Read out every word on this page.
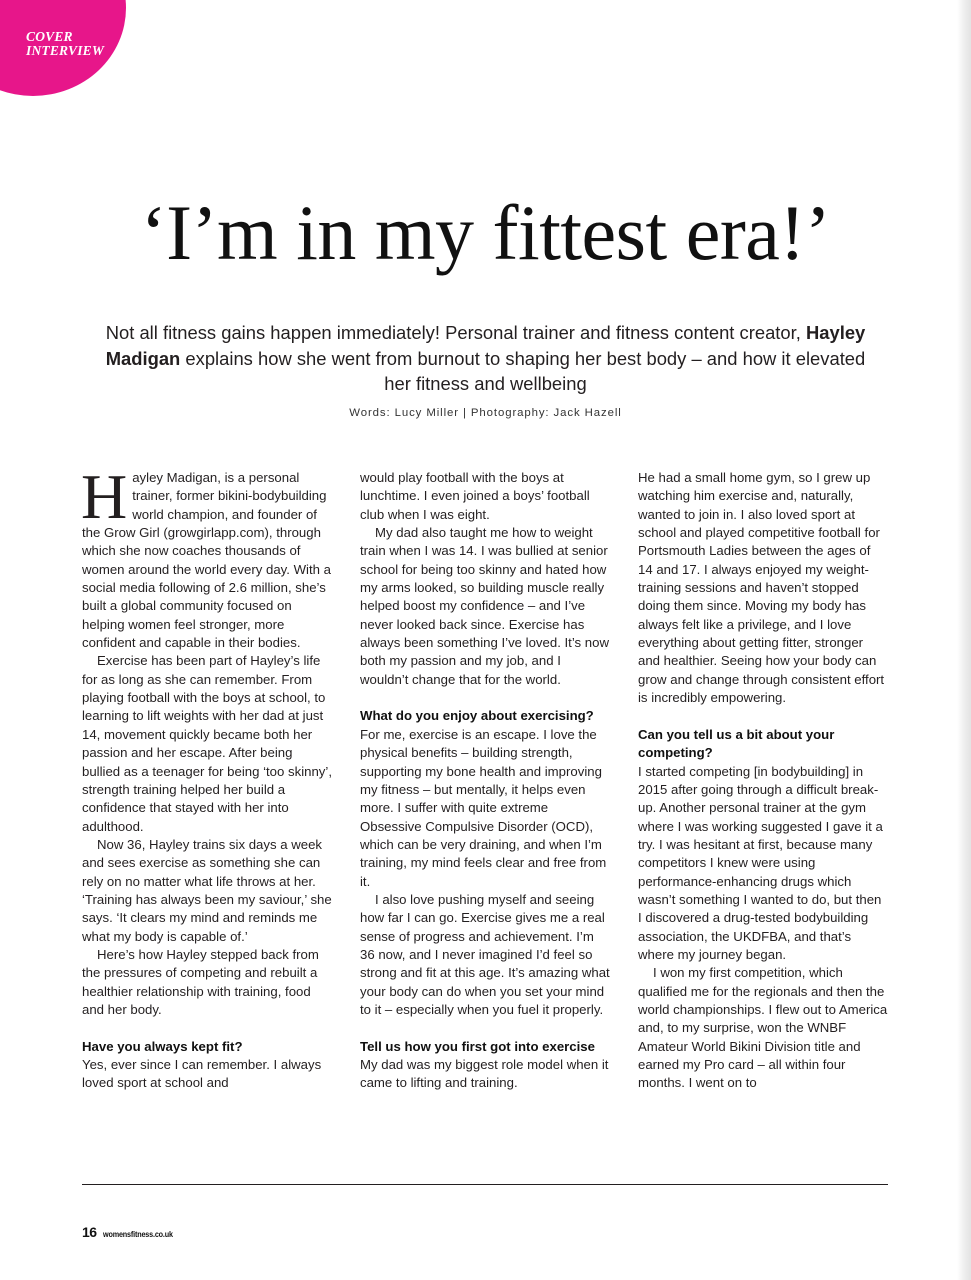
COVER
INTERVIEW
‘I’m in my fittest era!’

Not all fitness gains happen immediately! Personal trainer and fitness content creator, Hayley Madigan explains how she went from burnout to shaping her best body – and how it elevated her fitness and wellbeing

Words: Lucy Miller | Photography: Jack Hazell

Hayley Madigan, is a personal trainer, former bikini-bodybuilding world champion, and founder of the Grow Girl (growgirlapp.com), through which she now coaches thousands of women around the world every day. With a social media following of 2.6 million, she’s built a global community focused on helping women feel stronger, more confident and capable in their bodies.

Exercise has been part of Hayley’s life for as long as she can remember. From playing football with the boys at school, to learning to lift weights with her dad at just 14, movement quickly became both her passion and her escape. After being bullied as a teenager for being ‘too skinny’, strength training helped her build a confidence that stayed with her into adulthood.

Now 36, Hayley trains six days a week and sees exercise as something she can rely on no matter what life throws at her. ‘Training has always been my saviour,’ she says. ‘It clears my mind and reminds me what my body is capable of.’

Here’s how Hayley stepped back from the pressures of competing and rebuilt a healthier relationship with training, food and her body.

Have you always kept fit?

Yes, ever since I can remember. I always loved sport at school and

would play football with the boys at lunchtime. I even joined a boys’ football club when I was eight.

My dad also taught me how to weight train when I was 14. I was bullied at senior school for being too skinny and hated how my arms looked, so building muscle really helped boost my confidence – and I’ve never looked back since. Exercise has always been something I’ve loved. It’s now both my passion and my job, and I wouldn’t change that for the world.

What do you enjoy about exercising?

For me, exercise is an escape. I love the physical benefits – building strength, supporting my bone health and improving my fitness – but mentally, it helps even more. I suffer with quite extreme Obsessive Compulsive Disorder (OCD), which can be very draining, and when I’m training, my mind feels clear and free from it.

I also love pushing myself and seeing how far I can go. Exercise gives me a real sense of progress and achievement. I’m 36 now, and I never imagined I’d feel so strong and fit at this age. It’s amazing what your body can do when you set your mind to it – especially when you fuel it properly.

Tell us how you first got into exercise

My dad was my biggest role model when it came to lifting and training.

He had a small home gym, so I grew up watching him exercise and, naturally, wanted to join in. I also loved sport at school and played competitive football for Portsmouth Ladies between the ages of 14 and 17. I always enjoyed my weight-training sessions and haven’t stopped doing them since. Moving my body has always felt like a privilege, and I love everything about getting fitter, stronger and healthier. Seeing how your body can grow and change through consistent effort is incredibly empowering.

Can you tell us a bit about your competing?

I started competing [in bodybuilding] in 2015 after going through a difficult break-up. Another personal trainer at the gym where I was working suggested I gave it a try. I was hesitant at first, because many competitors I knew were using performance-enhancing drugs which wasn’t something I wanted to do, but then I discovered a drug-tested bodybuilding association, the UKDFBA, and that’s where my journey began.

I won my first competition, which qualified me for the regionals and then the world championships. I flew out to America and, to my surprise, won the WNBF Amateur World Bikini Division title and earned my Pro card – all within four months. I went on to

16 womensfitness.co.uk
